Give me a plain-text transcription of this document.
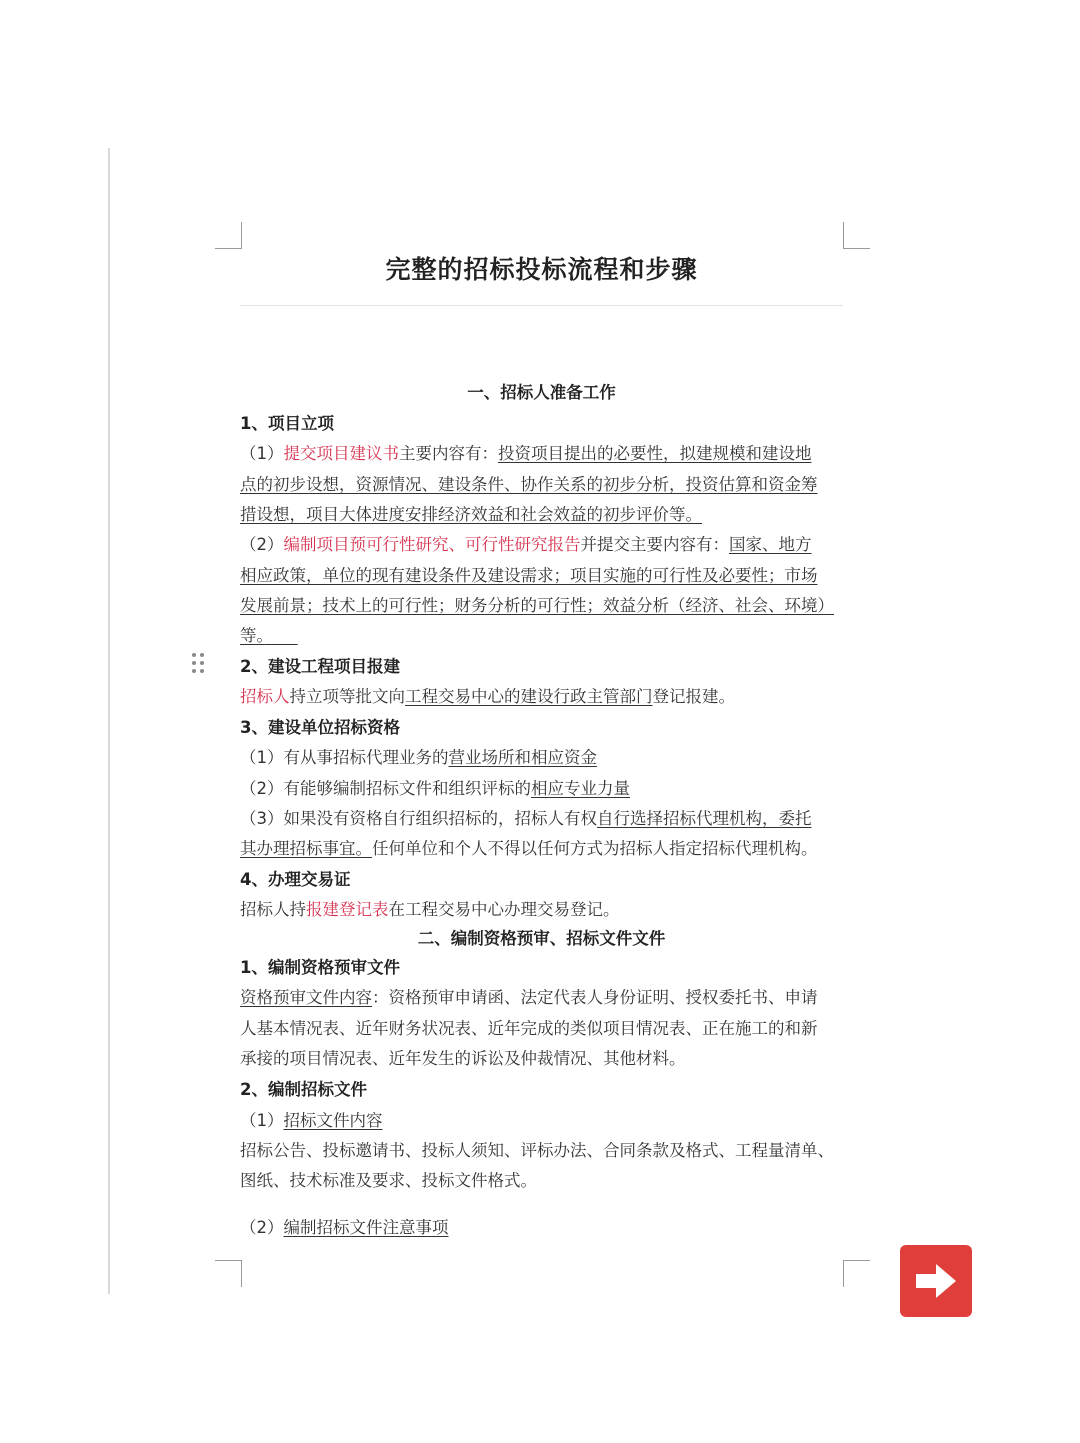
完整的招标投标流程和步骤
一、招标人准备工作
1、项目立项
（1）提交项目建议书主要内容有：投资项目提出的必要性，拟建规模和建设地
点的初步设想，资源情况、建设条件、协作关系的初步分析，投资估算和资金筹
措设想，项目大体进度安排经济效益和社会效益的初步评价等。
（2）编制项目预可行性研究、可行性研究报告并提交主要内容有：国家、地方
相应政策，单位的现有建设条件及建设需求；项目实施的可行性及必要性；市场
发展前景；技术上的可行性；财务分析的可行性；效益分析（经济、社会、环境）
等。　　
2、建设工程项目报建
招标人持立项等批文向工程交易中心的建设行政主管部门登记报建。
3、建设单位招标资格
（1）有从事招标代理业务的营业场所和相应资金
（2）有能够编制招标文件和组织评标的相应专业力量
（3）如果没有资格自行组织招标的，招标人有权自行选择招标代理机构，委托
其办理招标事宜。任何单位和个人不得以任何方式为招标人指定招标代理机构。
4、办理交易证
招标人持报建登记表在工程交易中心办理交易登记。
二、编制资格预审、招标文件文件
1、编制资格预审文件
资格预审文件内容：资格预审申请函、法定代表人身份证明、授权委托书、申请
人基本情况表、近年财务状况表、近年完成的类似项目情况表、正在施工的和新
承接的项目情况表、近年发生的诉讼及仲裁情况、其他材料。
2、编制招标文件
（1）招标文件内容
招标公告、投标邀请书、投标人须知、评标办法、合同条款及格式、工程量清单、
图纸、技术标准及要求、投标文件格式。
（2）编制招标文件注意事项
